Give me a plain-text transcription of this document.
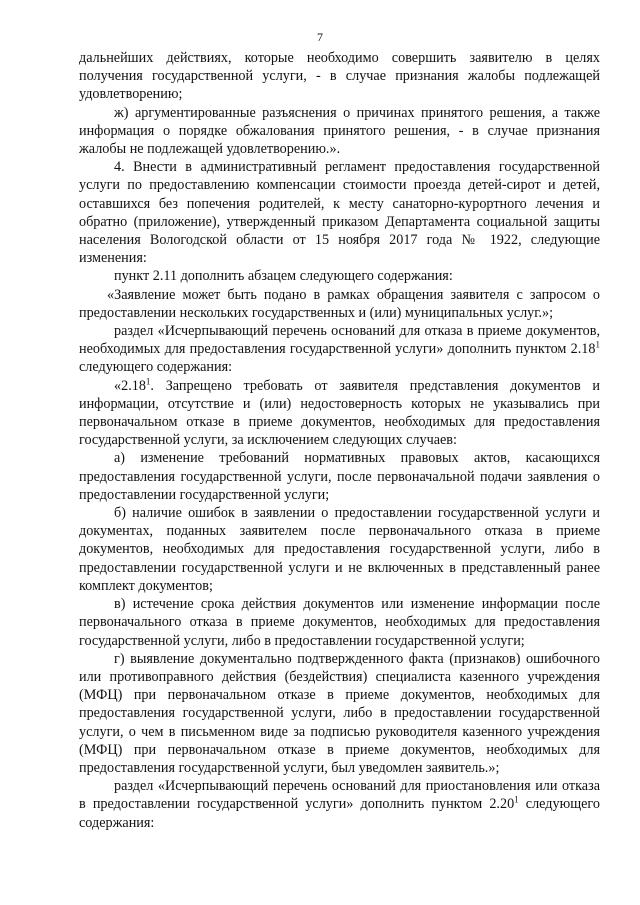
7

дальнейших действиях, которые необходимо совершить заявителю в целях получения государственной услуги, - в случае признания жалобы подлежащей удовлетворению;

ж) аргументированные разъяснения о причинах принятого решения, а также информация о порядке обжалования принятого решения, - в случае признания жалобы не подлежащей удовлетворению.».

4. Внести в административный регламент предоставления государственной услуги по предоставлению компенсации стоимости проезда детей-сирот и детей, оставшихся без попечения родителей, к месту санаторно-курортного лечения и обратно (приложение), утвержденный приказом Департамента социальной защиты населения Вологодской области от 15 ноября 2017 года № 1922, следующие изменения:

пункт 2.11 дополнить абзацем следующего содержания:

«Заявление может быть подано в рамках обращения заявителя с запросом о предоставлении нескольких государственных и (или) муниципальных услуг.»;

раздел «Исчерпывающий перечень оснований для отказа в приеме документов, необходимых для предоставления государственной услуги» дополнить пунктом 2.18$^1$ следующего содержания:

«2.18$^1$. Запрещено требовать от заявителя представления документов и информации, отсутствие и (или) недостоверность которых не указывались при первоначальном отказе в приеме документов, необходимых для предоставления государственной услуги, за исключением следующих случаев:

а) изменение требований нормативных правовых актов, касающихся предоставления государственной услуги, после первоначальной подачи заявления о предоставлении государственной услуги;

б) наличие ошибок в заявлении о предоставлении государственной услуги и документах, поданных заявителем после первоначального отказа в приеме документов, необходимых для предоставления государственной услуги, либо в предоставлении государственной услуги и не включенных в представленный ранее комплект документов;

в) истечение срока действия документов или изменение информации после первоначального отказа в приеме документов, необходимых для предоставления государственной услуги, либо в предоставлении государственной услуги;

г) выявление документально подтвержденного факта (признаков) ошибочного или противоправного действия (бездействия) специалиста казенного учреждения (МФЦ) при первоначальном отказе в приеме документов, необходимых для предоставления государственной услуги, либо в предоставлении государственной услуги, о чем в письменном виде за подписью руководителя казенного учреждения (МФЦ) при первоначальном отказе в приеме документов, необходимых для предоставления государственной услуги, был уведомлен заявитель.»;

раздел «Исчерпывающий перечень оснований для приостановления или отказа в предоставлении государственной услуги» дополнить пунктом 2.20$^1$ следующего содержания:
